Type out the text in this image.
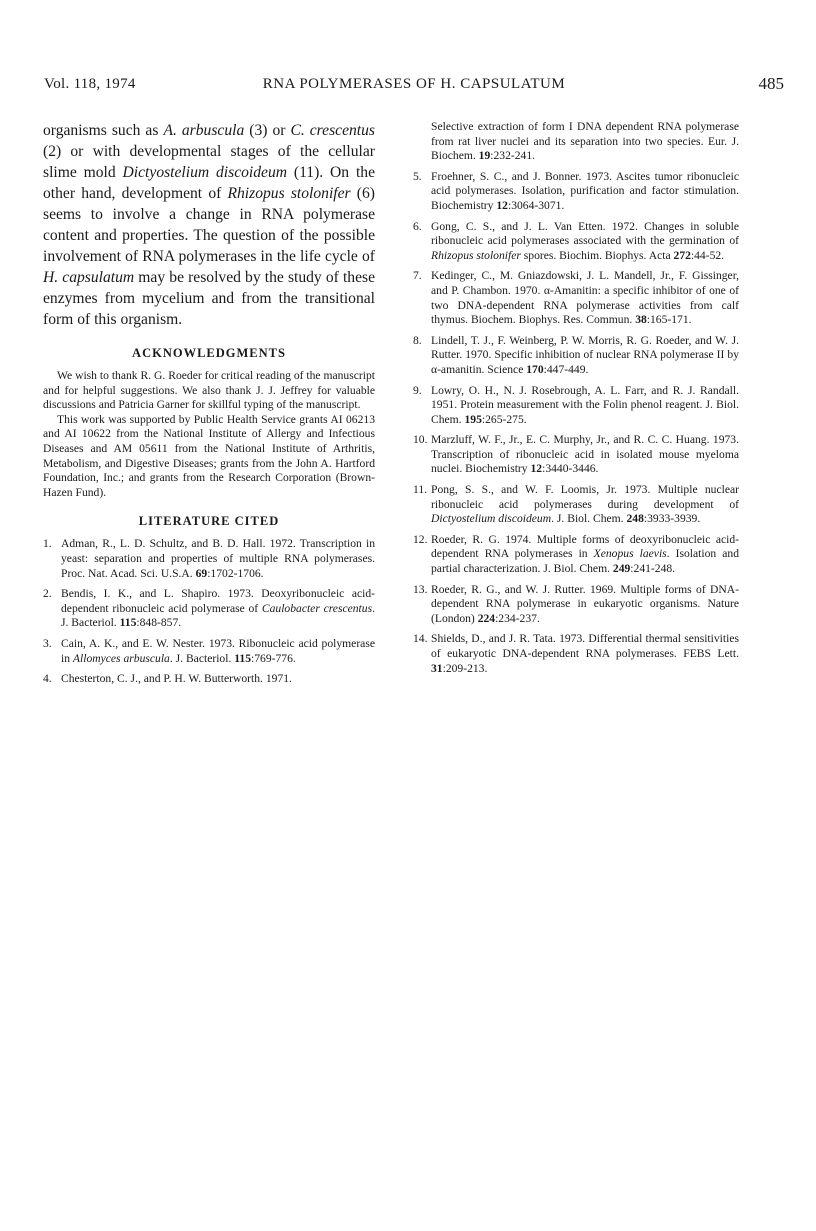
Vol. 118, 1974	RNA POLYMERASES OF H. CAPSULATUM	485

organisms such as A. arbuscula (3) or C. crescentus (2) or with developmental stages of the cellular slime mold Dictyostelium discoideum (11). On the other hand, development of Rhizopus stolonifer (6) seems to involve a change in RNA polymerase content and properties. The question of the possible involvement of RNA polymerases in the life cycle of H. capsulatum may be resolved by the study of these enzymes from mycelium and from the transitional form of this organism.

ACKNOWLEDGMENTS

We wish to thank R. G. Roeder for critical reading of the manuscript and for helpful suggestions. We also thank J. J. Jeffrey for valuable discussions and Patricia Garner for skillful typing of the manuscript.

This work was supported by Public Health Service grants AI 06213 and AI 10622 from the National Institute of Allergy and Infectious Diseases and AM 05611 from the National Institute of Arthritis, Metabolism, and Digestive Diseases; grants from the John A. Hartford Foundation, Inc.; and grants from the Research Corporation (Brown-Hazen Fund).

LITERATURE CITED
1. Adman, R., L. D. Schultz, and B. D. Hall. 1972. Transcription in yeast: separation and properties of multiple RNA polymerases. Proc. Nat. Acad. Sci. U.S.A. 69:1702-1706.
2. Bendis, I. K., and L. Shapiro. 1973. Deoxyribonucleic acid-dependent ribonucleic acid polymerase of Caulobacter crescentus. J. Bacteriol. 115:848-857.
3. Cain, A. K., and E. W. Nester. 1973. Ribonucleic acid polymerase in Allomyces arbuscula. J. Bacteriol. 115:769-776.
4. Chesterton, C. J., and P. H. W. Butterworth. 1971.
Selective extraction of form I DNA dependent RNA polymerase from rat liver nuclei and its separation into two species. Eur. J. Biochem. 19:232-241.
5. Froehner, S. C., and J. Bonner. 1973. Ascites tumor ribonucleic acid polymerases. Isolation, purification and factor stimulation. Biochemistry 12:3064-3071.
6. Gong, C. S., and J. L. Van Etten. 1972. Changes in soluble ribonucleic acid polymerases associated with the germination of Rhizopus stolonifer spores. Biochim. Biophys. Acta 272:44-52.
7. Kedinger, C., M. Gniazdowski, J. L. Mandell, Jr., F. Gissinger, and P. Chambon. 1970. α-Amanitin: a specific inhibitor of one of two DNA-dependent RNA polymerase activities from calf thymus. Biochem. Biophys. Res. Commun. 38:165-171.
8. Lindell, T. J., F. Weinberg, P. W. Morris, R. G. Roeder, and W. J. Rutter. 1970. Specific inhibition of nuclear RNA polymerase II by α-amanitin. Science 170:447-449.
9. Lowry, O. H., N. J. Rosebrough, A. L. Farr, and R. J. Randall. 1951. Protein measurement with the Folin phenol reagent. J. Biol. Chem. 195:265-275.
10. Marzluff, W. F., Jr., E. C. Murphy, Jr., and R. C. C. Huang. 1973. Transcription of ribonucleic acid in isolated mouse myeloma nuclei. Biochemistry 12:3440-3446.
11. Pong, S. S., and W. F. Loomis, Jr. 1973. Multiple nuclear ribonucleic acid polymerases during development of Dictyostelium discoideum. J. Biol. Chem. 248:3933-3939.
12. Roeder, R. G. 1974. Multiple forms of deoxyribonucleic acid-dependent RNA polymerases in Xenopus laevis. Isolation and partial characterization. J. Biol. Chem. 249:241-248.
13. Roeder, R. G., and W. J. Rutter. 1969. Multiple forms of DNA-dependent RNA polymerase in eukaryotic organisms. Nature (London) 224:234-237.
14. Shields, D., and J. R. Tata. 1973. Differential thermal sensitivities of eukaryotic DNA-dependent RNA polymerases. FEBS Lett. 31:209-213.
